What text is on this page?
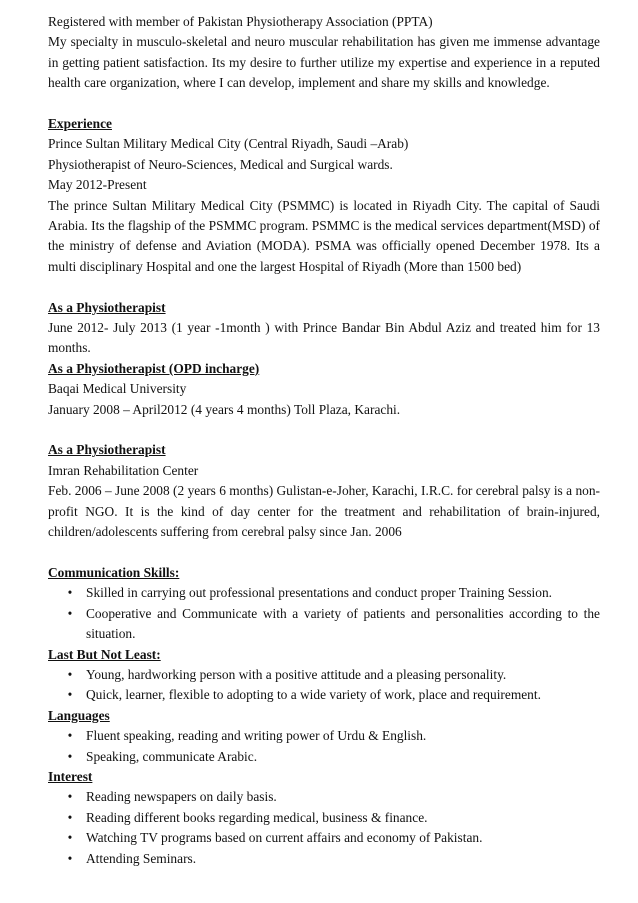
Registered with member of Pakistan Physiotherapy Association (PPTA)

My specialty in musculo-skeletal and neuro muscular rehabilitation has given me immense advantage in getting patient satisfaction. Its my desire to further utilize my expertise and experience in a reputed health care organization, where I can develop, implement and share my skills and knowledge.

Experience

Prince Sultan Military Medical City (Central Riyadh, Saudi –Arab)

Physiotherapist of Neuro-Sciences, Medical and Surgical wards.

May 2012-Present

The prince Sultan Military Medical City (PSMMC) is located in Riyadh City. The capital of Saudi Arabia. Its the flagship of the PSMMC program. PSMMC is the medical services department(MSD) of the ministry of defense and Aviation (MODA). PSMA was officially opened December 1978. Its a multi disciplinary Hospital and one the largest Hospital of Riyadh (More than 1500 bed)

As a Physiotherapist

June 2012- July 2013 (1 year -1month ) with Prince Bandar Bin Abdul Aziz and treated him for 13 months.

As a Physiotherapist (OPD incharge)

Baqai Medical University

January 2008 – April2012 (4 years 4 months) Toll Plaza, Karachi.

As a Physiotherapist

Imran Rehabilitation Center

Feb. 2006 – June 2008 (2 years 6 months) Gulistan-e-Joher, Karachi, I.R.C. for cerebral palsy is a non-profit NGO. It is the kind of day center for the treatment and rehabilitation of brain-injured, children/adolescents suffering from cerebral palsy since Jan. 2006

Communication Skills:

• Skilled in carrying out professional presentations and conduct proper Training Session.
• Cooperative and Communicate with a variety of patients and personalities according to the situation.

Last But Not Least:

• Young, hardworking person with a positive attitude and a pleasing personality.
• Quick, learner, flexible to adopting to a wide variety of work, place and requirement.

Languages

• Fluent speaking, reading and writing power of Urdu & English.
• Speaking, communicate Arabic.

Interest

• Reading newspapers on daily basis.
• Reading different books regarding medical, business & finance.
• Watching TV programs based on current affairs and economy of Pakistan.
• Attending Seminars.
